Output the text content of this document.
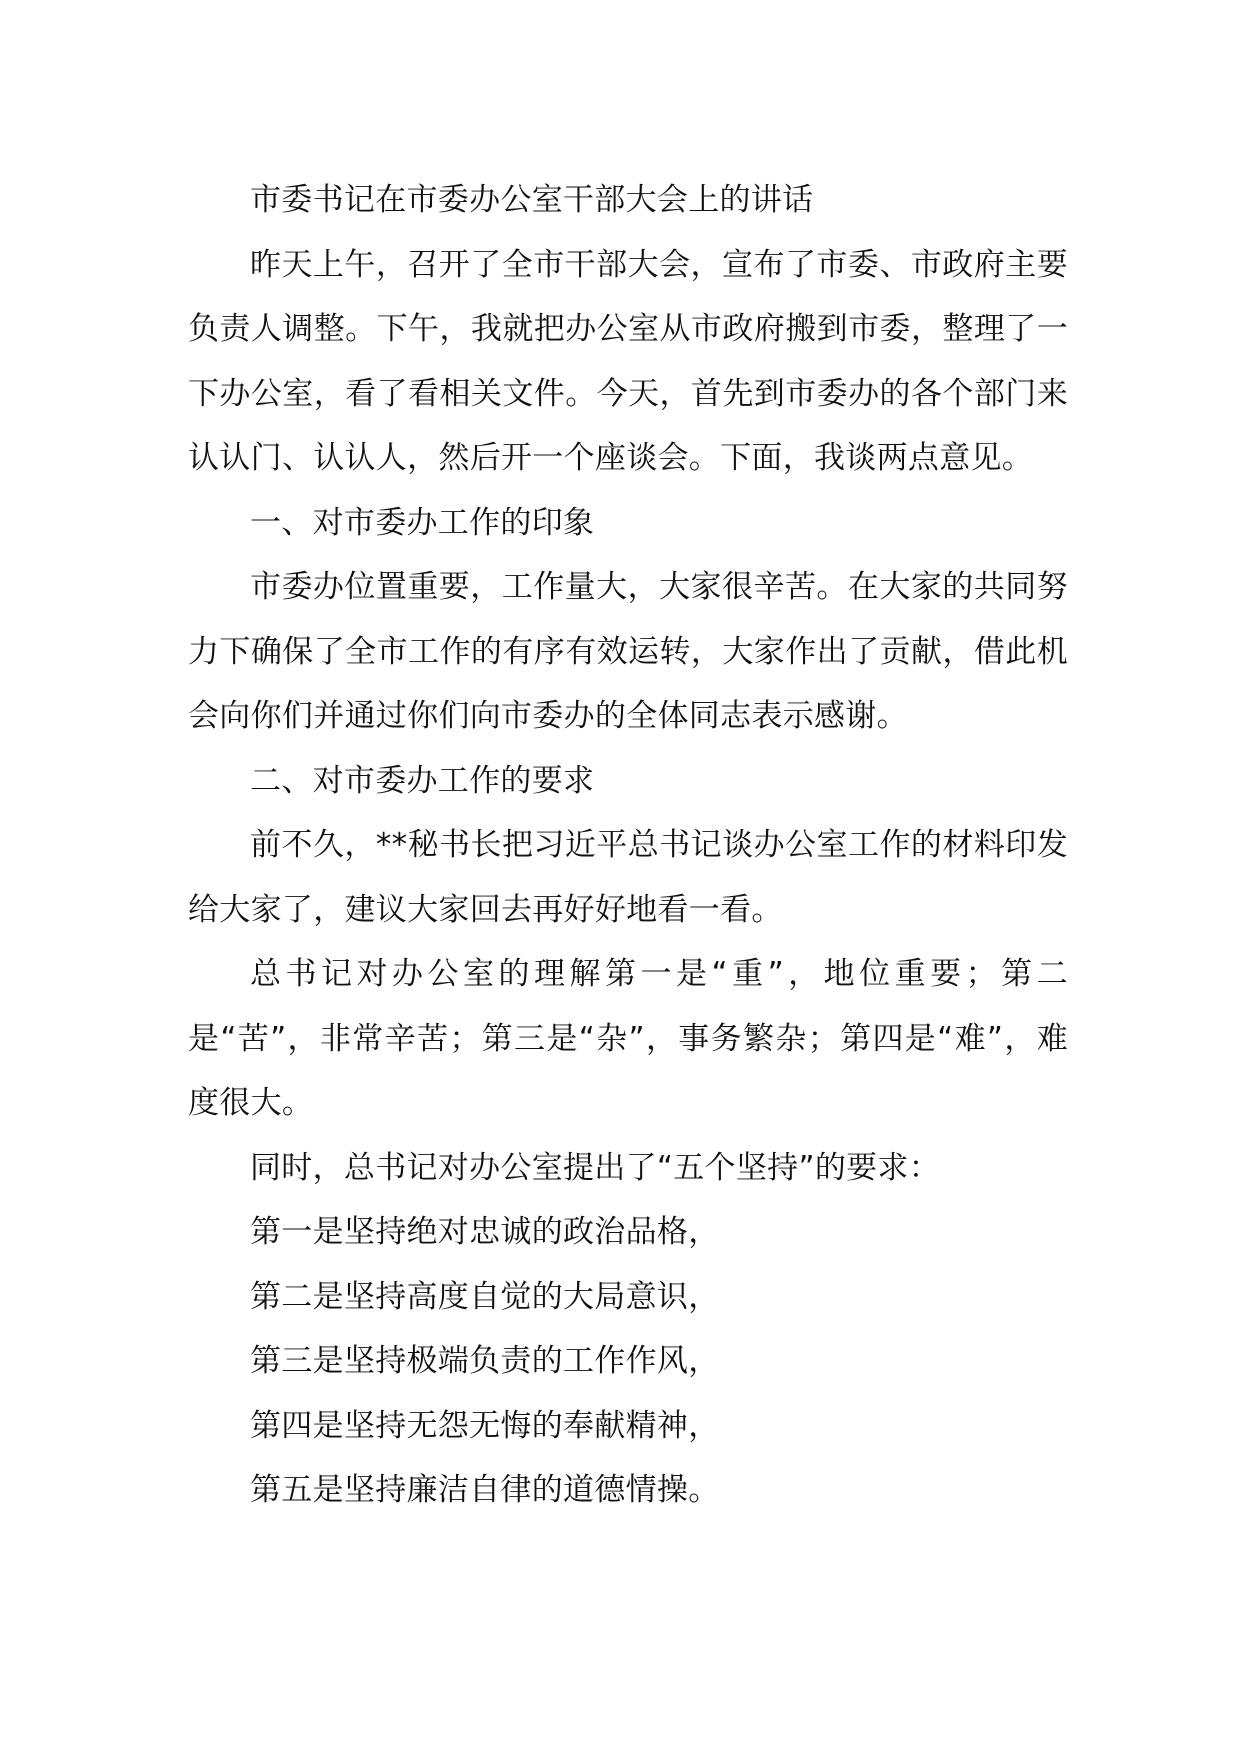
市委书记在市委办公室干部大会上的讲话

昨天上午，召开了全市干部大会，宣布了市委、市政府主要负责人调整。下午，我就把办公室从市政府搬到市委，整理了一下办公室，看了看相关文件。今天，首先到市委办的各个部门来认认门、认认人，然后开一个座谈会。下面，我谈两点意见。

一、对市委办工作的印象

市委办位置重要，工作量大，大家很辛苦。在大家的共同努力下确保了全市工作的有序有效运转，大家作出了贡献，借此机会向你们并通过你们向市委办的全体同志表示感谢。

二、对市委办工作的要求

前不久，**秘书长把习近平总书记谈办公室工作的材料印发给大家了，建议大家回去再好好地看一看。

总书记对办公室的理解第一是“重”，地位重要；第二是“苦”，非常辛苦；第三是“杂”，事务繁杂；第四是“难”，难度很大。

同时，总书记对办公室提出了“五个坚持”的要求：

第一是坚持绝对忠诚的政治品格，

第二是坚持高度自觉的大局意识，

第三是坚持极端负责的工作作风，

第四是坚持无怨无悔的奉献精神，

第五是坚持廉洁自律的道德情操。
